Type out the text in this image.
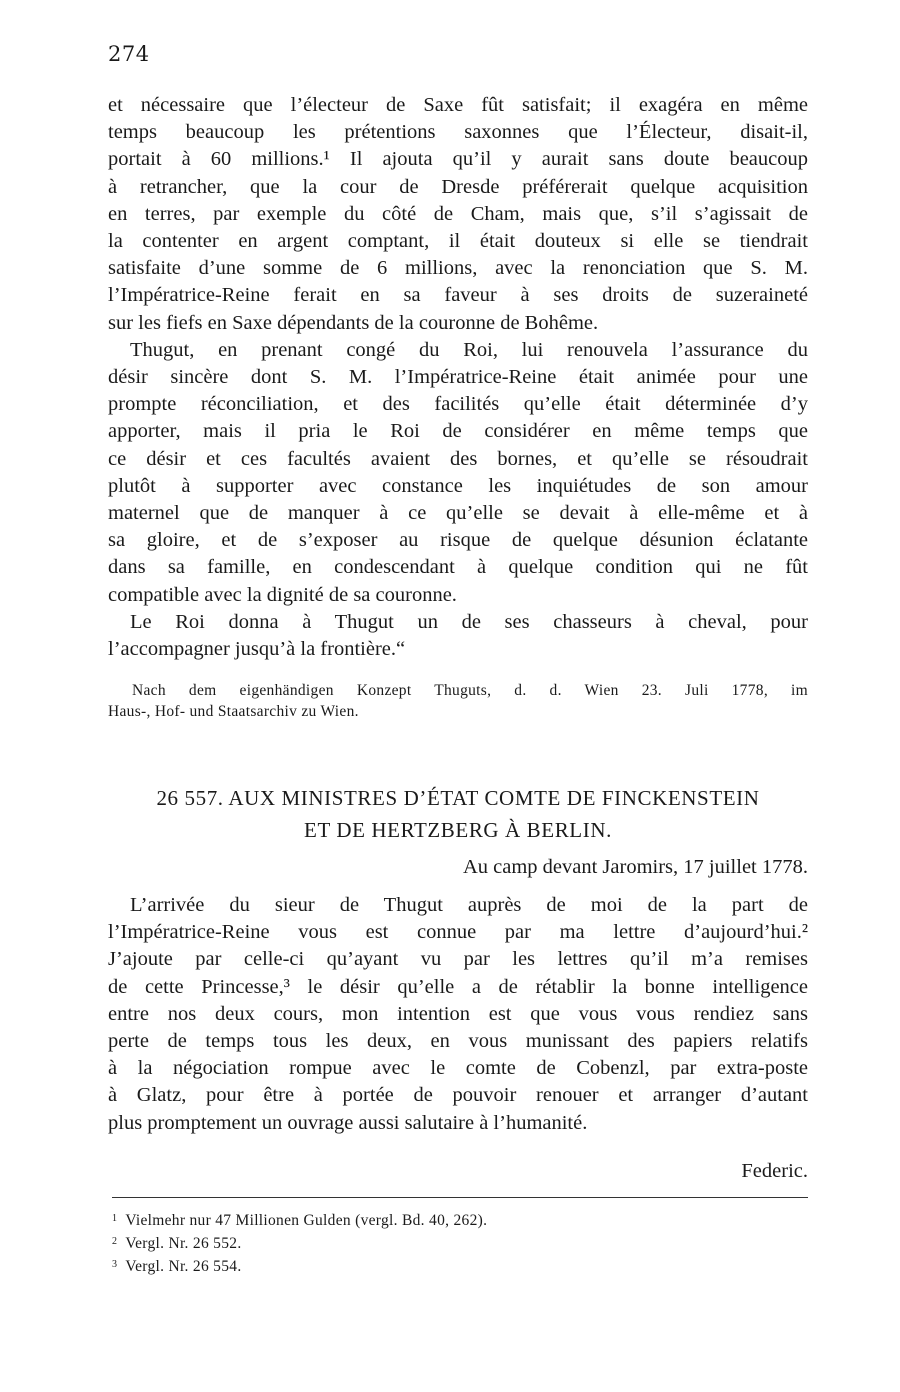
274
et nécessaire que l’électeur de Saxe fût satisfait; il exagéra en même
temps beaucoup les prétentions saxonnes que l’Électeur, disait-il,
portait à 60 millions.¹ Il ajouta qu’il y aurait sans doute beaucoup
à retrancher, que la cour de Dresde préférerait quelque acquisition
en terres, par exemple du côté de Cham, mais que, s’il s’agissait de
la contenter en argent comptant, il était douteux si elle se tiendrait
satisfaite d’une somme de 6 millions, avec la renonciation que S. M.
l’Impératrice-Reine ferait en sa faveur à ses droits de suzeraineté
sur les fiefs en Saxe dépendants de la couronne de Bohême.
Thugut, en prenant congé du Roi, lui renouvela l’assurance du
désir sincère dont S. M. l’Impératrice-Reine était animée pour une
prompte réconciliation, et des facilités qu’elle était déterminée d’y
apporter, mais il pria le Roi de considérer en même temps que
ce désir et ces facultés avaient des bornes, et qu’elle se résoudrait
plutôt à supporter avec constance les inquiétudes de son amour
maternel que de manquer à ce qu’elle se devait à elle-même et à
sa gloire, et de s’exposer au risque de quelque désunion éclatante
dans sa famille, en condescendant à quelque condition qui ne fût
compatible avec la dignité de sa couronne.
Le Roi donna à Thugut un de ses chasseurs à cheval, pour
l’accompagner jusqu’à la frontière.“
Nach dem eigenhändigen Konzept Thuguts, d. d. Wien 23. Juli 1778, im
Haus-, Hof- und Staatsarchiv zu Wien.
26 557. AUX MINISTRES D’ÉTAT COMTE DE FINCKENSTEIN
ET DE HERTZBERG À BERLIN.
Au camp devant Jaromirs, 17 juillet 1778.
L’arrivée du sieur de Thugut auprès de moi de la part de
l’Impératrice-Reine vous est connue par ma lettre d’aujourd’hui.²
J’ajoute par celle-ci qu’ayant vu par les lettres qu’il m’a remises
de cette Princesse,³ le désir qu’elle a de rétablir la bonne intelligence
entre nos deux cours, mon intention est que vous vous rendiez sans
perte de temps tous les deux, en vous munissant des papiers relatifs
à la négociation rompue avec le comte de Cobenzl, par extra-poste
à Glatz, pour être à portée de pouvoir renouer et arranger d’autant
plus promptement un ouvrage aussi salutaire à l’humanité.
Federic.
$^1$ Vielmehr nur 47 Millionen Gulden (vergl. Bd. 40, 262).
$^2$ Vergl. Nr. 26 552.
$^3$ Vergl. Nr. 26 554.
